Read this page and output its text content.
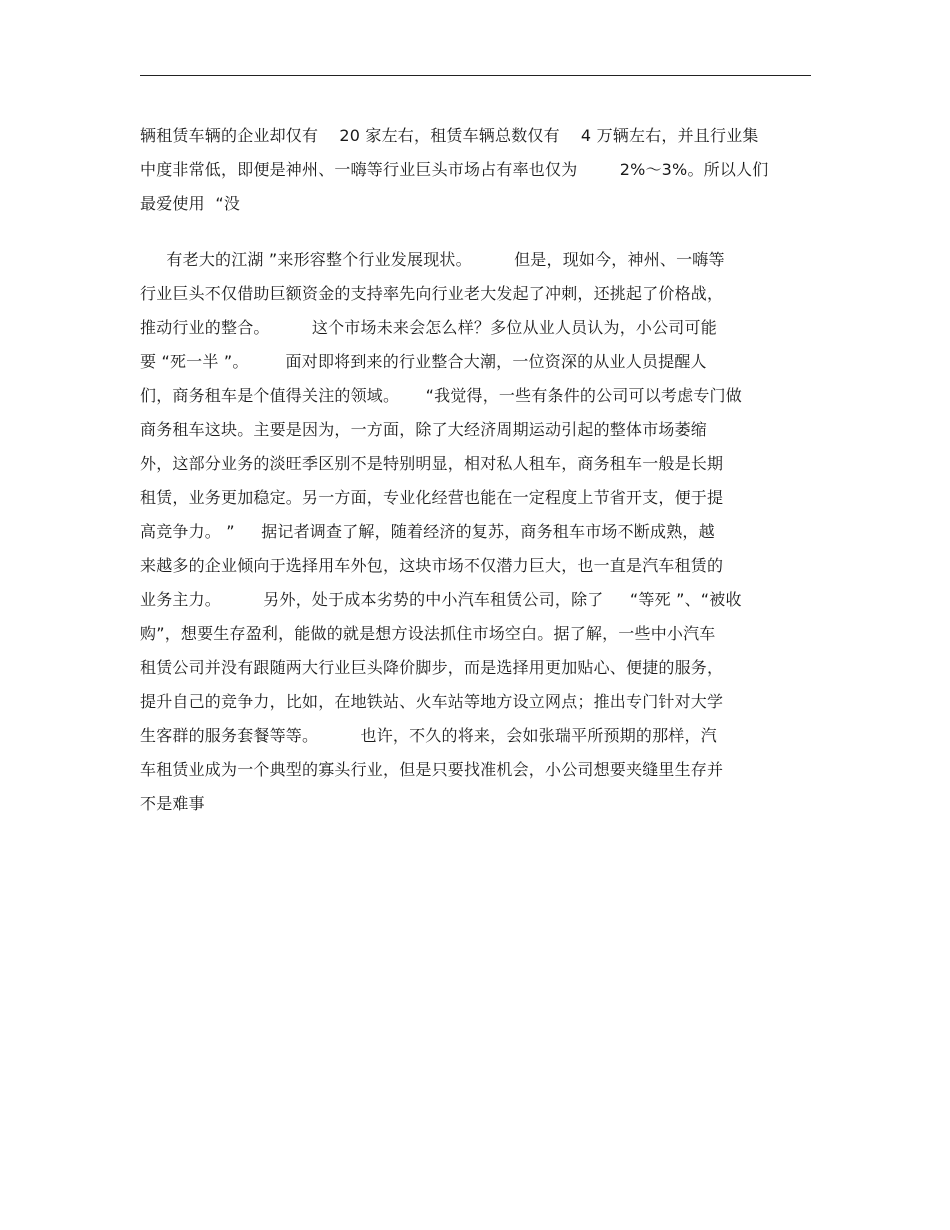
辆租赁车辆的企业却仅有    20 家左右，租赁车辆总数仅有    4 万辆左右，并且行业集
中度非常低，即便是神州、一嗨等行业巨头市场占有率也仅为        2%～3%。所以人们
最爱使用  “没
有老大的江湖 ”来形容整个行业发展现状。        但是，现如今，神州、一嗨等
行业巨头不仅借助巨额资金的支持率先向行业老大发起了冲刺，还挑起了价格战，
推动行业的整合。        这个市场未来会怎么样？多位从业人员认为，小公司可能
要 “死一半 ”。       面对即将到来的行业整合大潮，一位资深的从业人员提醒人
们，商务租车是个值得关注的领域。     “我觉得，一些有条件的公司可以考虑专门做
商务租车这块。主要是因为，一方面，除了大经济周期运动引起的整体市场萎缩
外，这部分业务的淡旺季区别不是特别明显，相对私人租车，商务租车一般是长期
租赁，业务更加稳定。另一方面，专业化经营也能在一定程度上节省开支，便于提
高竞争力。 ”     据记者调查了解，随着经济的复苏，商务租车市场不断成熟，越
来越多的企业倾向于选择用车外包，这块市场不仅潜力巨大，也一直是汽车租赁的
业务主力。        另外，处于成本劣势的中小汽车租赁公司，除了     “等死 ”、“被收
购”，想要生存盈利，能做的就是想方设法抓住市场空白。据了解，一些中小汽车
租赁公司并没有跟随两大行业巨头降价脚步，而是选择用更加贴心、便捷的服务，
提升自己的竞争力，比如，在地铁站、火车站等地方设立网点；推出专门针对大学
生客群的服务套餐等等。        也许，不久的将来，会如张瑞平所预期的那样，汽
车租赁业成为一个典型的寡头行业，但是只要找准机会，小公司想要夹缝里生存并
不是难事
